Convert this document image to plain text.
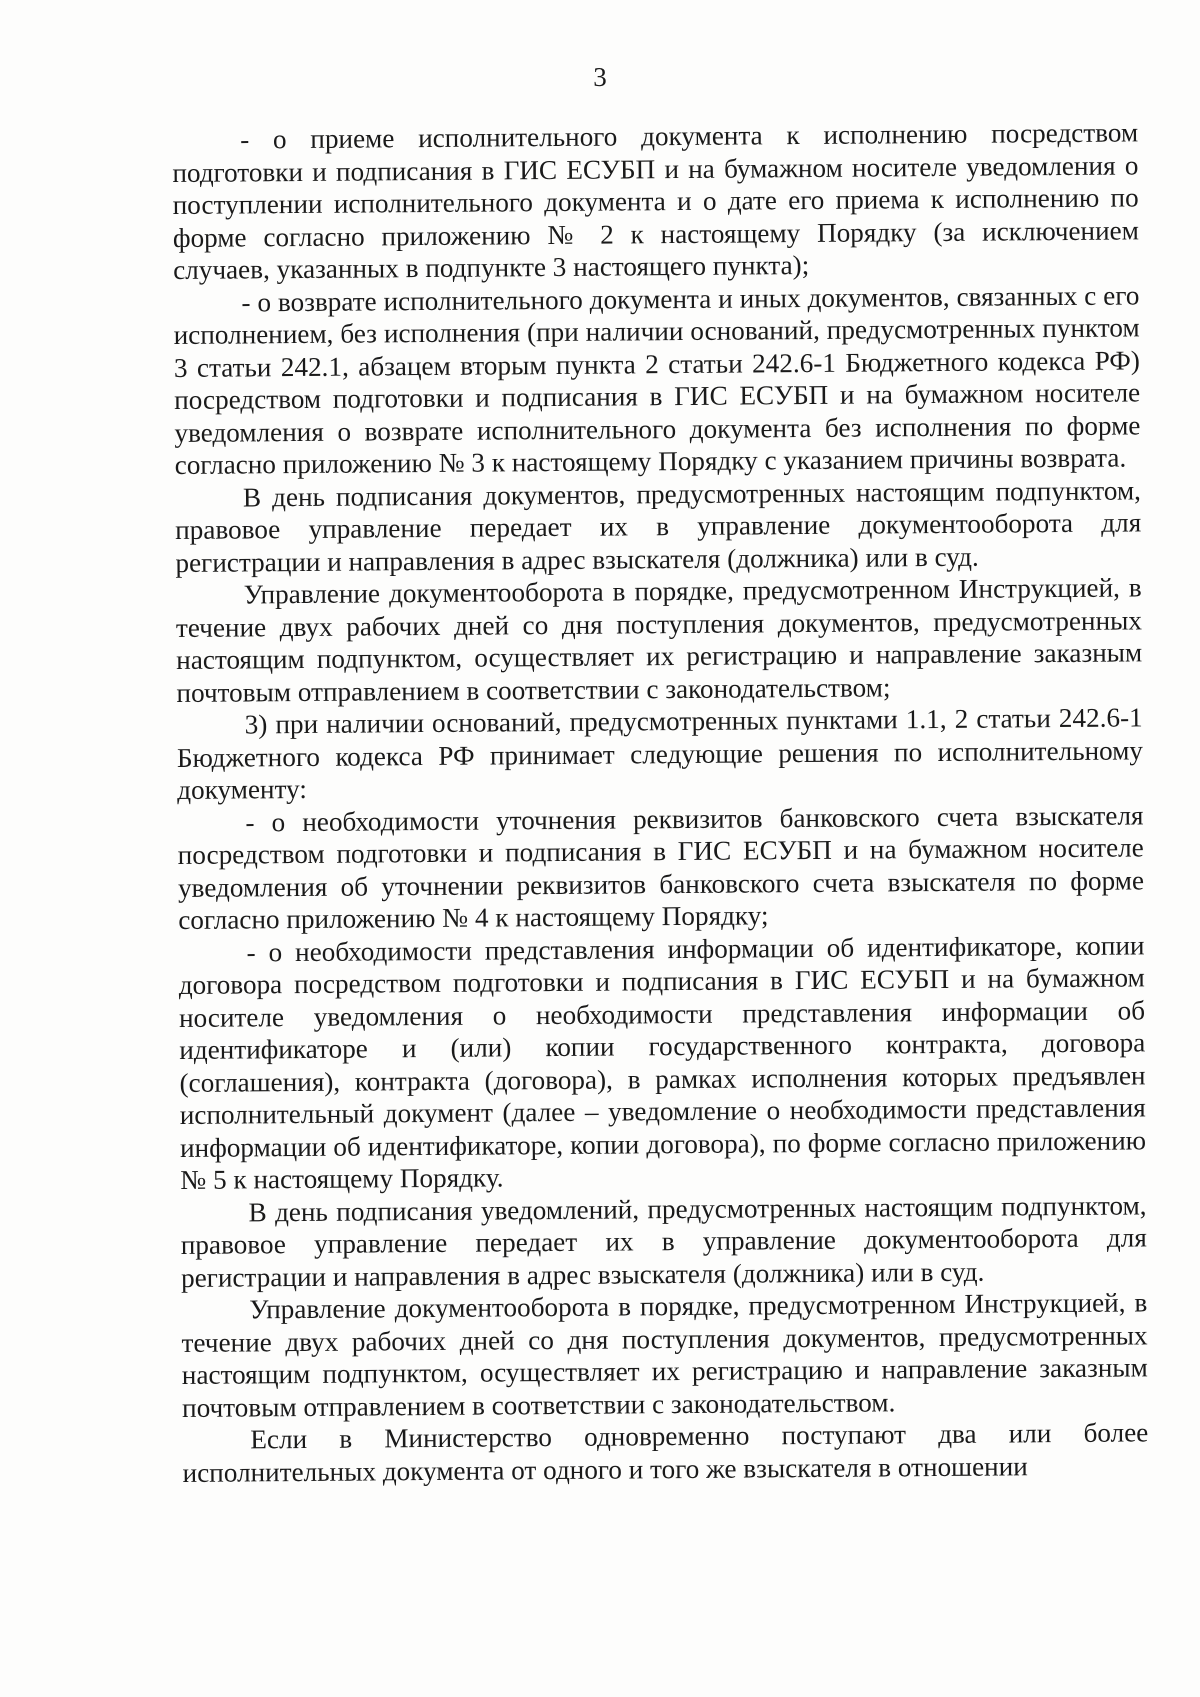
3

- о приеме исполнительного документа к исполнению посредством подготовки и подписания в ГИС ЕСУБП и на бумажном носителе уведомления о поступлении исполнительного документа и о дате его приема к исполнению по форме согласно приложению № 2 к настоящему Порядку (за исключением случаев, указанных в подпункте 3 настоящего пункта);

- о возврате исполнительного документа и иных документов, связанных с его исполнением, без исполнения (при наличии оснований, предусмотренных пунктом 3 статьи 242.1, абзацем вторым пункта 2 статьи 242.6-1 Бюджетного кодекса РФ) посредством подготовки и подписания в ГИС ЕСУБП и на бумажном носителе уведомления о возврате исполнительного документа без исполнения по форме согласно приложению № 3 к настоящему Порядку с указанием причины возврата.

В день подписания документов, предусмотренных настоящим подпунктом, правовое управление передает их в управление документооборота для регистрации и направления в адрес взыскателя (должника) или в суд.

Управление документооборота в порядке, предусмотренном Инструкцией, в течение двух рабочих дней со дня поступления документов, предусмотренных настоящим подпунктом, осуществляет их регистрацию и направление заказным почтовым отправлением в соответствии с законодательством;

3) при наличии оснований, предусмотренных пунктами 1.1, 2 статьи 242.6-1 Бюджетного кодекса РФ принимает следующие решения по исполнительному документу:

- о необходимости уточнения реквизитов банковского счета взыскателя посредством подготовки и подписания в ГИС ЕСУБП и на бумажном носителе уведомления об уточнении реквизитов банковского счета взыскателя по форме согласно приложению № 4 к настоящему Порядку;

- о необходимости представления информации об идентификаторе, копии договора посредством подготовки и подписания в ГИС ЕСУБП и на бумажном носителе уведомления о необходимости представления информации об идентификаторе и (или) копии государственного контракта, договора (соглашения), контракта (договора), в рамках исполнения которых предъявлен исполнительный документ (далее – уведомление о необходимости представления информации об идентификаторе, копии договора), по форме согласно приложению № 5 к настоящему Порядку.

В день подписания уведомлений, предусмотренных настоящим подпунктом, правовое управление передает их в управление документооборота для регистрации и направления в адрес взыскателя (должника) или в суд.

Управление документооборота в порядке, предусмотренном Инструкцией, в течение двух рабочих дней со дня поступления документов, предусмотренных настоящим подпунктом, осуществляет их регистрацию и направление заказным почтовым отправлением в соответствии с законодательством.

Если в Министерство одновременно поступают два или более исполнительных документа от одного и того же взыскателя в отношении
